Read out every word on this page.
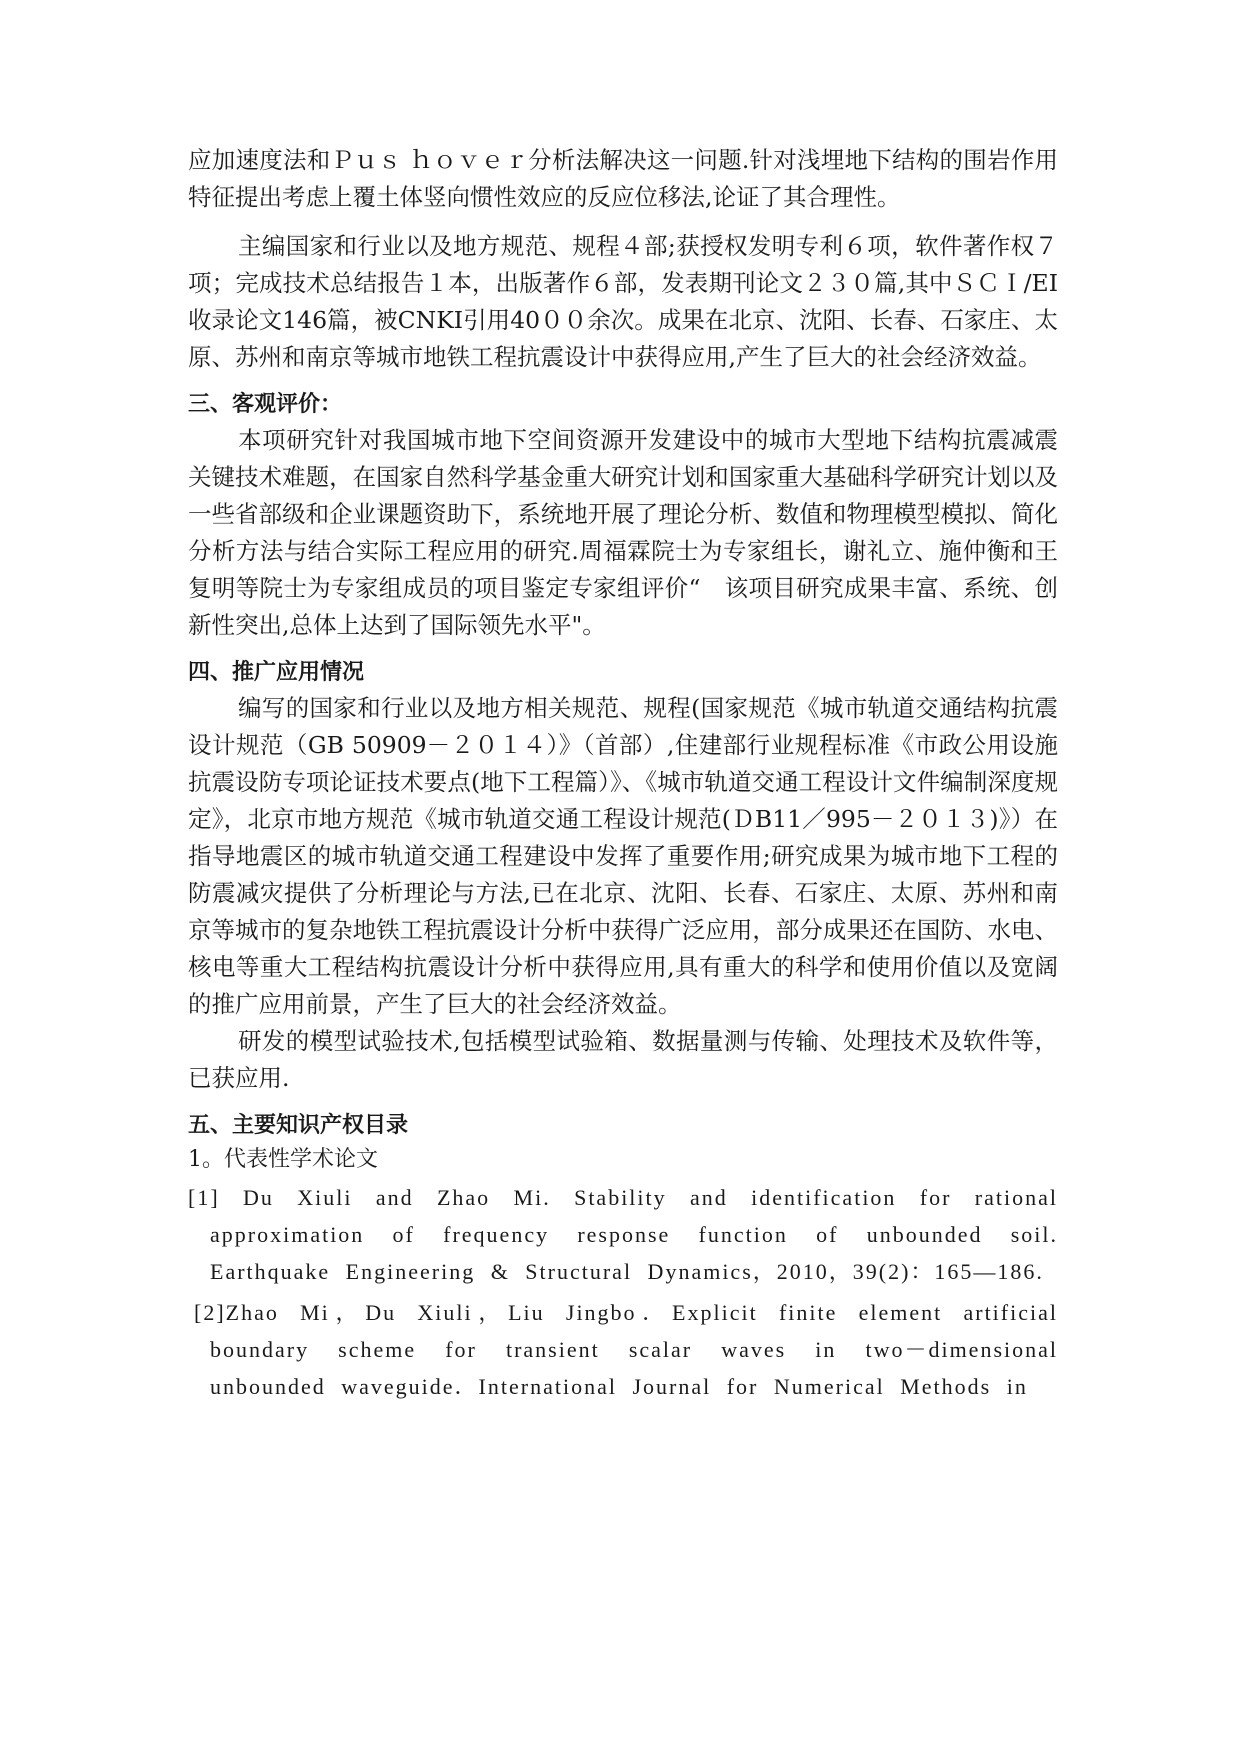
应加速度法和Ｐｕｓ ｈｏｖｅｒ分析法解决这一问题.针对浅埋地下结构的围岩作用特征提出考虑上覆土体竖向惯性效应的反应位移法,论证了其合理性。

主编国家和行业以及地方规范、规程４部;获授权发明专利６项，软件著作权７项；完成技术总结报告１本，出版著作６部，发表期刊论文２３０篇,其中ＳＣＩ/EI收录论文146篇，被CNKI引用40００余次。成果在北京、沈阳、长春、石家庄、太原、苏州和南京等城市地铁工程抗震设计中获得应用,产生了巨大的社会经济效益。

三、客观评价：

本项研究针对我国城市地下空间资源开发建设中的城市大型地下结构抗震减震关键技术难题，在国家自然科学基金重大研究计划和国家重大基础科学研究计划以及一些省部级和企业课题资助下，系统地开展了理论分析、数值和物理模型模拟、简化分析方法与结合实际工程应用的研究.周福霖院士为专家组长，谢礼立、施仲衡和王复明等院士为专家组成员的项目鉴定专家组评价“　该项目研究成果丰富、系统、创新性突出,总体上达到了国际领先水平"。

四、推广应用情况

编写的国家和行业以及地方相关规范、规程(国家规范《城市轨道交通结构抗震设计规范（GB 50909－２０１４）》（首部）,住建部行业规程标准《市政公用设施抗震设防专项论证技术要点(地下工程篇）》、《城市轨道交通工程设计文件编制深度规定》，北京市地方规范《城市轨道交通工程设计规范(ＤB11／995－２０１３)》）在指导地震区的城市轨道交通工程建设中发挥了重要作用;研究成果为城市地下工程的防震减灾提供了分析理论与方法,已在北京、沈阳、长春、石家庄、太原、苏州和南京等城市的复杂地铁工程抗震设计分析中获得广泛应用，部分成果还在国防、水电、核电等重大工程结构抗震设计分析中获得应用,具有重大的科学和使用价值以及宽阔的推广应用前景，产生了巨大的社会经济效益。

研发的模型试验技术,包括模型试验箱、数据量测与传输、处理技术及软件等，已获应用.

五、主要知识产权目录
1。代表性学术论文

[1] Du Xiuli and Zhao Mi. Stability and identification for rational approximation of frequency response function of unbounded soil. Earthquake Engineering & Structural Dynamics，2010，39(2)：165—186.

[2]Zhao Mi，Du Xiuli，Liu Jingbo．Explicit finite element artificial boundary scheme for transient scalar waves in two－dimensional unbounded waveguide．International Journal for Numerical Methods in
